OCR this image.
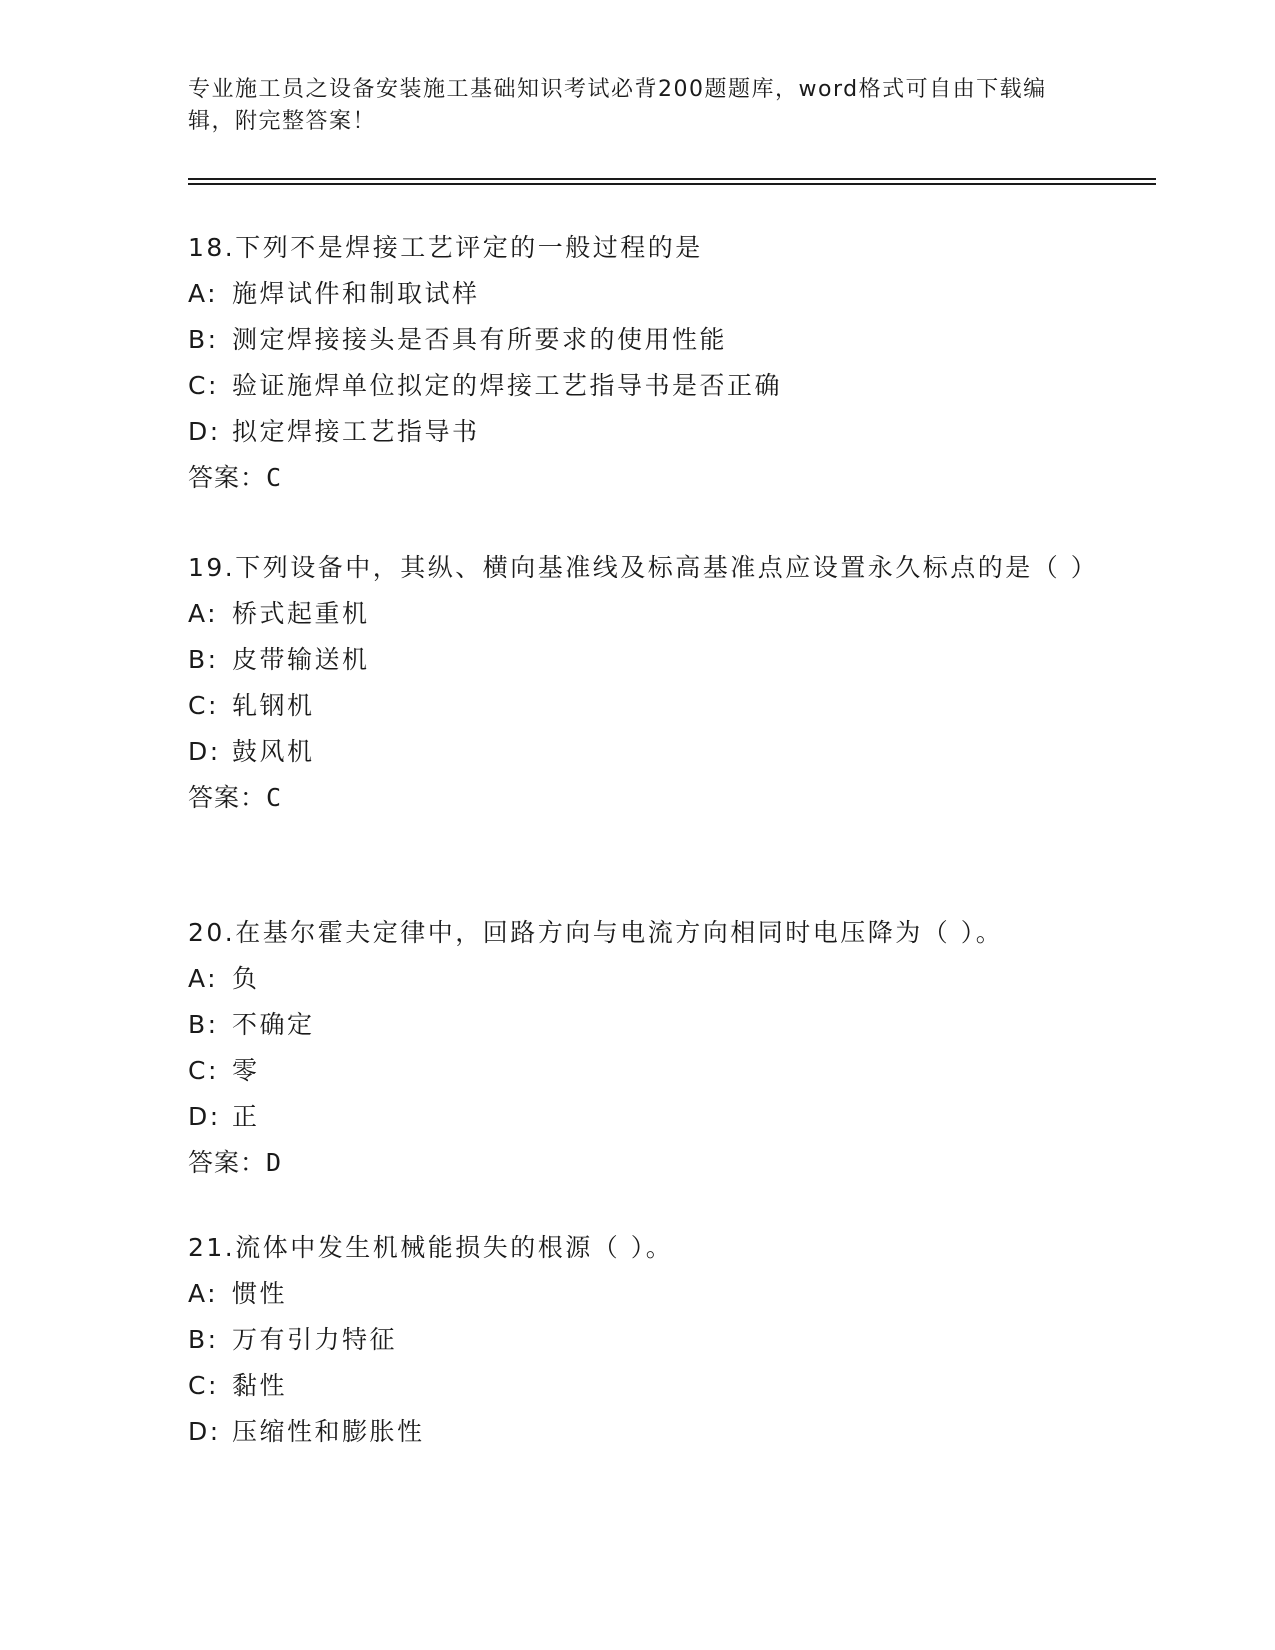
专业施工员之设备安装施工基础知识考试必背200题题库，word格式可自由下载编辑，附完整答案！
18.下列不是焊接工艺评定的一般过程的是
A: 施焊试件和制取试样
B: 测定焊接接头是否具有所要求的使用性能
C: 验证施焊单位拟定的焊接工艺指导书是否正确
D: 拟定焊接工艺指导书
答案：C
19.下列设备中，其纵、横向基准线及标高基准点应设置永久标点的是（ ）
A: 桥式起重机
B: 皮带输送机
C: 轧钢机
D: 鼓风机
答案：C
20.在基尔霍夫定律中，回路方向与电流方向相同时电压降为（ ）。
A: 负
B: 不确定
C: 零
D: 正
答案：D
21.流体中发生机械能损失的根源（ ）。
A: 惯性
B: 万有引力特征
C: 黏性
D: 压缩性和膨胀性
